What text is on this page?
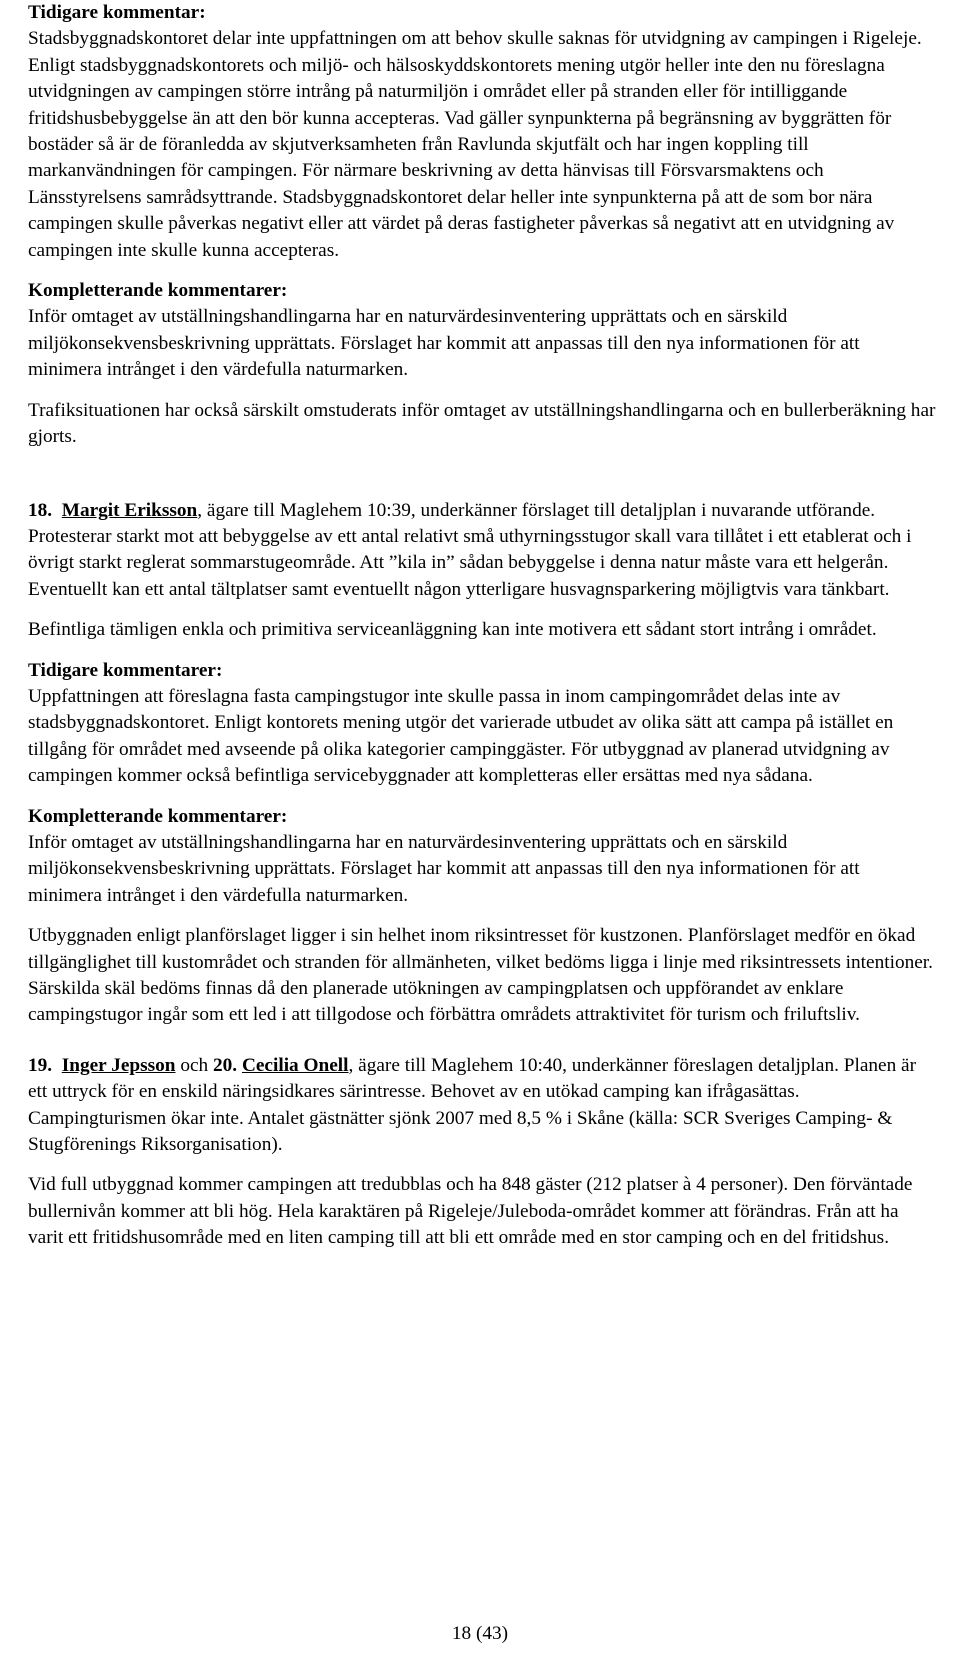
Tidigare kommentar:

Stadsbyggnadskontoret delar inte uppfattningen om att behov skulle saknas för utvidgning av campingen i Rigeleje. Enligt stadsbyggnadskontorets och miljö- och hälsoskyddskontorets mening utgör heller inte den nu föreslagna utvidgningen av campingen större intrång på naturmiljön i området eller på stranden eller för intilliggande fritidshusbebyggelse än att den bör kunna accepteras. Vad gäller synpunkterna på begränsning av byggrätten för bostäder så är de föranledda av skjutverksamheten från Ravlunda skjutfält och har ingen koppling till markanvändningen för campingen. För närmare beskrivning av detta hänvisas till Försvarsmaktens och Länsstyrelsens samrådsyttrande. Stadsbyggnadskontoret delar heller inte synpunkterna på att de som bor nära campingen skulle påverkas negativt eller att värdet på deras fastigheter påverkas så negativt att en utvidgning av campingen inte skulle kunna accepteras.

Kompletterande kommentarer:

Inför omtaget av utställningshandlingarna har en naturvärdesinventering upprättats och en särskild miljökonsekvensbeskrivning upprättats. Förslaget har kommit att anpassas till den nya informationen för att minimera intrånget i den värdefulla naturmarken.

Trafiksituationen har också särskilt omstuderats inför omtaget av utställningshandlingarna och en bullerberäkning har gjorts.

18. Margit Eriksson, ägare till Maglehem 10:39, underkänner förslaget till detaljplan i nuvarande utförande. Protesterar starkt mot att bebyggelse av ett antal relativt små uthyrningsstugor skall vara tillåtet i ett etablerat och i övrigt starkt reglerat sommarstugeområde. Att ”kila in” sådan bebyggelse i denna natur måste vara ett helgerån. Eventuellt kan ett antal tältplatser samt eventuellt någon ytterligare husvagnsparkering möjligtvis vara tänkbart.

Befintliga tämligen enkla och primitiva serviceanläggning kan inte motivera ett sådant stort intrång i området.

Tidigare kommentarer:

Uppfattningen att föreslagna fasta campingstugor inte skulle passa in inom campingområdet delas inte av stadsbyggnadskontoret. Enligt kontorets mening utgör det varierade utbudet av olika sätt att campa på istället en tillgång för området med avseende på olika kategorier campinggäster. För utbyggnad av planerad utvidgning av campingen kommer också befintliga servicebyggnader att kompletteras eller ersättas med nya sådana.

Kompletterande kommentarer:

Inför omtaget av utställningshandlingarna har en naturvärdesinventering upprättats och en särskild miljökonsekvensbeskrivning upprättats. Förslaget har kommit att anpassas till den nya informationen för att minimera intrånget i den värdefulla naturmarken.

Utbyggnaden enligt planförslaget ligger i sin helhet inom riksintresset för kustzonen. Planförslaget medför en ökad tillgänglighet till kustområdet och stranden för allmänheten, vilket bedöms ligga i linje med riksintressets intentioner. Särskilda skäl bedöms finnas då den planerade utökningen av campingplatsen och uppförandet av enklare campingstugor ingår som ett led i att tillgodose och förbättra områdets attraktivitet för turism och friluftsliv.

19. Inger Jepsson och 20. Cecilia Onell, ägare till Maglehem 10:40, underkänner föreslagen detaljplan. Planen är ett uttryck för en enskild näringsidkares särintresse. Behovet av en utökad camping kan ifrågasättas. Campingturismen ökar inte. Antalet gästnätter sjönk 2007 med 8,5 % i Skåne (källa: SCR Sveriges Camping- & Stugförenings Riksorganisation).

Vid full utbyggnad kommer campingen att tredubblas och ha 848 gäster (212 platser à 4 personer). Den förväntade bullernivån kommer att bli hög. Hela karaktären på Rigeleje/Juleboda-området kommer att förändras. Från att ha varit ett fritidshusområde med en liten camping till att bli ett område med en stor camping och en del fritidshus.

18 (43)
